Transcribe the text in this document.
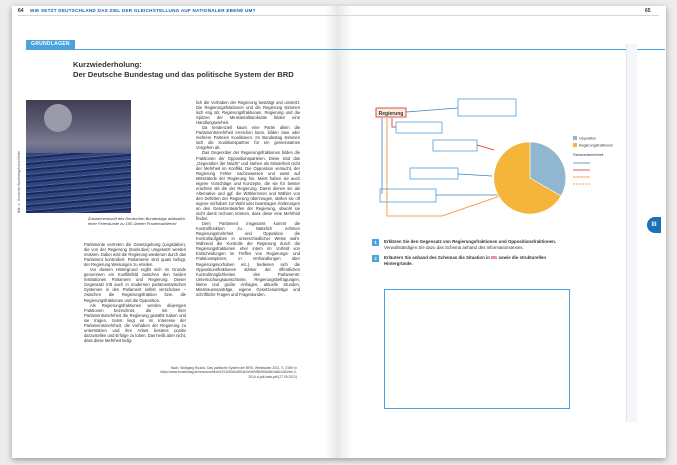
64 WIE SETZT DEUTSCHLAND DAS ZIEL DER GLEICHSTELLUNG AUF NATIONALER EBENE UM?	65
GRUNDLAGEN
Kurzwiederholung:
Der Deutsche Bundestag und das politische System der BRD
Bild: © Deutscher Bundestag/Achim Melde
Zusammenkunft des Deutschen Bundestags anlässlich einer Feierstunde zu 100 Jahren Frauenwahlrecht

Parlamente vertreten die Gesetzgebung (Legislative), die von der Regierung (Exekutive) umgesetzt werden müssen. Dabei wird die Regierung wiederum durch das Parlament kontrolliert. Parlamente sind quasi befugt, der Regierung Weisungen zu erteilen.

Vor diesem Hintergrund ergibt sich im Grunde genommen ein Konfliktfeld zwischen den beiden Institutionen Parlament und Regierung. Dieser Gegensatz tritt auch in modernen parlamentarischen Systemen in den Parlament selbst verschoben – zwischen die Regierungsfraktion bzw. die Regierungsfraktionen und die Opposition.

Als Regierungsfraktionen werden diejenigen Fraktionen bezeichnet, die mit ihrer Parlamentsmehrheit die Regierung gewählt haben und sie tragen. Somit liegt es im Interesse der Parlamentsmehrheit, die Vorhaben der Regierung zu unterstützen und ihre Arbeit bestens positiv darzustellen und Erfolge zu loben. Das heißt aber nicht, dass diese Mehrheit ledig-

lich die Vorhaben der Regierung bestätigt und umsetzt. Die Regierungsfraktionen und die Regierung stimmen sich eng ab; Regierungsfraktionen, Regierung und die Spitzen der Ministerialbürokratie bilden eine Handlungseinheit.

Da tendenziell kaum eine Partei allein die Parlamentsmehrheit erreichen kann, bilden zwei oder mehrere Parteien Koalitionen. Im Bundestag stimmen sich die Koalitionspartner für ein gemeinsames Vorgehen ab.

Das Gegenüber der Regierungsfraktionen bilden die Fraktionen der Oppositionsparteien. Diese sind das „Gegenüber der Macht“ und stehen als Minderheit nicht der Mehrheit im Konflikt. Die Opposition versucht, der Regierung Fehler nachzuweisen und weist auf Missstände der Regierung hin. Meist haben sie auch eigene Vorschläge und Konzepte, die sie für besser erachten als die der Regierung. Damit dienen sie als Alternative und ggf. die Wählerinnen und Wähler von den Defiziten der Regierung überzeugen, stellen sie oft eigene Vorhaben zur Wahl oder beantragen Änderungen an den Gesetzentwürfen der Regierung, obwohl sie nicht damit rechnen können, dass diese eine Mehrheit finden.

Dem Parlament insgesamt kommt die Kontrollfunktion zu. Natürlich nehmen Regierungsmehrheit und Opposition die Kontrollaufgaben in unterschiedlicher Weise wahr. Während die Kontrolle der Regierung durch die Regierungsfraktionen eher intern im Vorfeld von Entscheidungen im Treffen von Regierungs- und Fraktionsspitzen; in Verhandlungen über Regierungsvorhaben etc.), bedienen sich die Oppositionsfraktionen stärker der öffentlichen Kontrollmöglichkeiten des Parlaments: Untersuchungsausschüsse, Regierungsbefragungen, kleine und große Anfragen, aktuelle Stunden, Misstrauensanträge, eigene Gesetzesanträge und schriftliche Fragen und Fragestunden.

Nach: Wolfgang Rudzio, Das politische System der BRD, Wiesbaden 2011, S. 2189; in https://www.bundestag.de/resource/blob/197428/db18f94a7ef46935b9f04d8e3a6d1482/ein-2-2014-d-pdf-data.pdf (27.05.2021)
Regierung
Opposition
Regierungsfraktionen
Parlamentsmehrheit
1	Erklären Sie den Gegensatz von Regierungsfraktionen und Oppositionsfraktionen.
Verwollständigen Sie dazu das Schema anhand des Informationstextes.
2	Erläutern Sie anhand des Schemas die Situation in M1 sowie die strukturellen Hintergründe.
III
